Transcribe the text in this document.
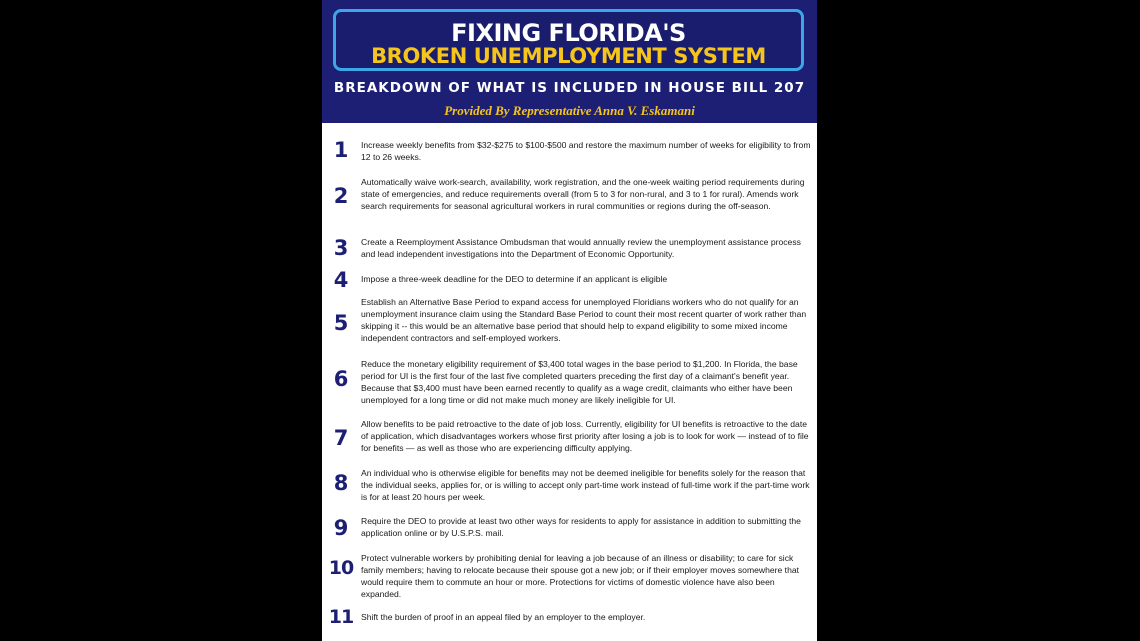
FIXING FLORIDA'S
BROKEN UNEMPLOYMENT SYSTEM
BREAKDOWN OF WHAT IS INCLUDED IN HOUSE BILL 207
Provided By Representative Anna V. Eskamani
1	Increase weekly benefits from $32-$275 to $100-$500 and restore the maximum number of weeks for eligibility to from 12 to 26 weeks.
2
Automatically waive work-search, availability, work registration, and the one-week waiting period requirements during state of emergencies, and reduce requirements overall (from 5 to 3 for non-rural, and 3 to 1 for rural). Amends work search requirements for seasonal agricultural workers in rural communities or regions during the off-season.
3	Create a Reemployment Assistance Ombudsman that would annually review the unemployment assistance process and lead independent investigations into the Department of Economic Opportunity.
4	Impose a three-week deadline for the DEO to determine if an applicant is eligible
5
Establish an Alternative Base Period to expand access for unemployed Floridians workers who do not qualify for an unemployment insurance claim using the Standard Base Period to count their most recent quarter of work rather than skipping it -- this would be an alternative base period that should help to expand eligibility to some mixed income independent contractors and self-employed workers.
6
Reduce the monetary eligibility requirement of $3,400 total wages in the base period to $1,200. In Florida, the base period for UI is the first four of the last five completed quarters preceding the first day of a claimant's benefit year. Because that $3,400 must have been earned recently to qualify as a wage credit, claimants who either have been unemployed for a long time or did not make much money are likely ineligible for UI.
7
Allow benefits to be paid retroactive to the date of job loss. Currently, eligibility for UI benefits is retroactive to the date of application, which disadvantages workers whose first priority after losing a job is to look for work — instead of to file for benefits — as well as those who are experiencing difficulty applying.
8	An individual who is otherwise eligible for benefits may not be deemed ineligible for benefits solely for the reason that the individual seeks, applies for, or is willing to accept only part-time work instead of full-time work if the part-time work is for at least 20 hours per week.
9	Require the DEO to provide at least two other ways for residents to apply for assistance in addition to submitting the application online or by U.S.P.S. mail.
10 Protect vulnerable workers by prohibiting denial for leaving a job because of an illness or disability; to care for sick family members; having to relocate because their spouse got a new job; or if their employer moves somewhere that would require them to commute an hour or more. Protections for victims of domestic violence have also been expanded.
11 Shift the burden of proof in an appeal filed by an employer to the employer.
